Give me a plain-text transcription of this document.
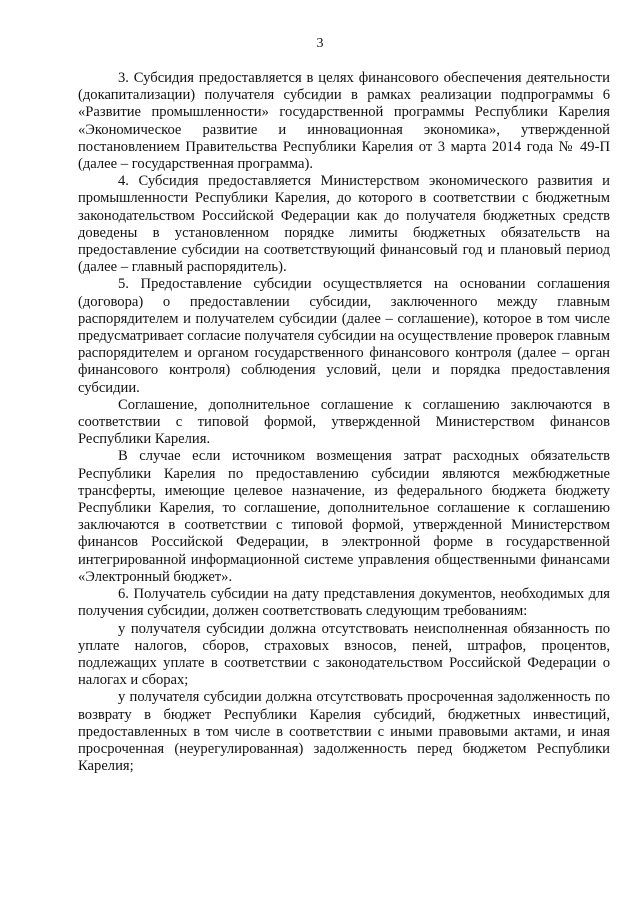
3

3. Субсидия предоставляется в целях финансового обеспечения деятельности (докапитализации) получателя субсидии в рамках реализации подпрограммы 6 «Развитие промышленности» государственной программы Республики Карелия «Экономическое развитие и инновационная экономика», утвержденной постановлением Правительства Республики Карелия от 3 марта 2014 года № 49-П (далее – государственная программа).

4. Субсидия предоставляется Министерством экономического развития и промышленности Республики Карелия, до которого в соответствии с бюджетным законодательством Российской Федерации как до получателя бюджетных средств доведены в установленном порядке лимиты бюджетных обязательств на предоставление субсидии на соответствующий финансовый год и плановый период (далее – главный распорядитель).

5. Предоставление субсидии осуществляется на основании соглашения (договора) о предоставлении субсидии, заключенного между главным распорядителем и получателем субсидии (далее – соглашение), которое в том числе предусматривает согласие получателя субсидии на осуществление проверок главным распорядителем и органом государственного финансового контроля (далее – орган финансового контроля) соблюдения условий, цели и порядка предоставления субсидии.

Соглашение, дополнительное соглашение к соглашению заключаются в соответствии с типовой формой, утвержденной Министерством финансов Республики Карелия.

В случае если источником возмещения затрат расходных обязательств Республики Карелия по предоставлению субсидии являются межбюджетные трансферты, имеющие целевое назначение, из федерального бюджета бюджету Республики Карелия, то соглашение, дополнительное соглашение к соглашению заключаются в соответствии с типовой формой, утвержденной Министерством финансов Российской Федерации, в электронной форме в государственной интегрированной информационной системе управления общественными финансами «Электронный бюджет».

6. Получатель субсидии на дату представления документов, необходимых для получения субсидии, должен соответствовать следующим требованиям:

у получателя субсидии должна отсутствовать неисполненная обязанность по уплате налогов, сборов, страховых взносов, пеней, штрафов, процентов, подлежащих уплате в соответствии с законодательством Российской Федерации о налогах и сборах;

у получателя субсидии должна отсутствовать просроченная задолженность по возврату в бюджет Республики Карелия субсидий, бюджетных инвестиций, предоставленных в том числе в соответствии с иными правовыми актами, и иная просроченная (неурегулированная) задолженность перед бюджетом Республики Карелия;
